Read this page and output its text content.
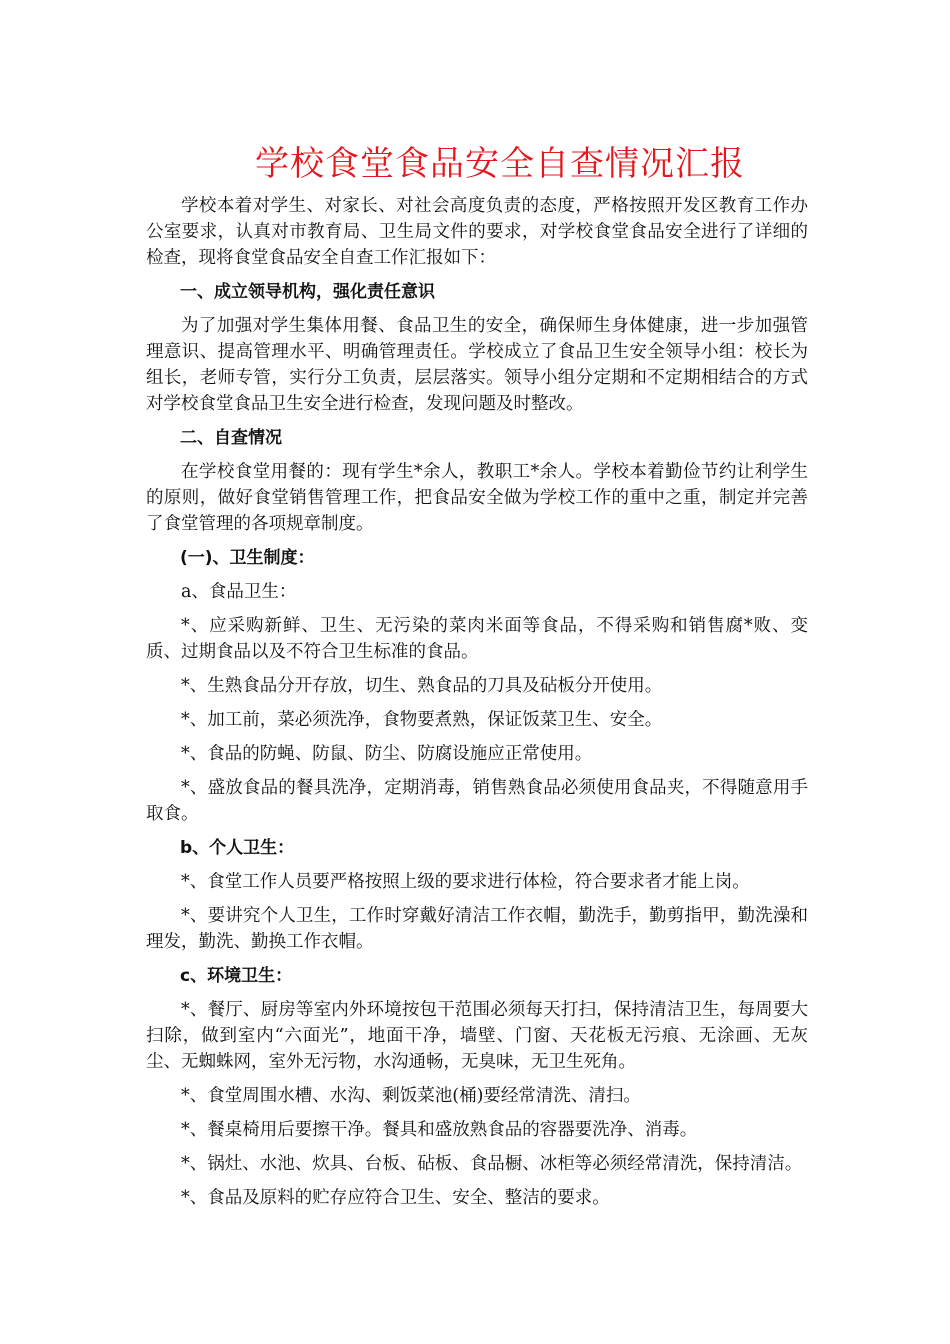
学校食堂食品安全自查情况汇报

学校本着对学生、对家长、对社会高度负责的态度，严格按照开发区教育工作办公室要求，认真对市教育局、卫生局文件的要求，对学校食堂食品安全进行了详细的检查，现将食堂食品安全自查工作汇报如下：

一、成立领导机构，强化责任意识

为了加强对学生集体用餐、食品卫生的安全，确保师生身体健康，进一步加强管理意识、提高管理水平、明确管理责任。学校成立了食品卫生安全领导小组：校长为组长，老师专管，实行分工负责，层层落实。领导小组分定期和不定期相结合的方式对学校食堂食品卫生安全进行检查，发现问题及时整改。

二、自查情况

在学校食堂用餐的：现有学生*余人，教职工*余人。学校本着勤俭节约让利学生的原则，做好食堂销售管理工作，把食品安全做为学校工作的重中之重，制定并完善了食堂管理的各项规章制度。

(一)、卫生制度：

a、食品卫生：

*、应采购新鲜、卫生、无污染的菜肉米面等食品，不得采购和销售腐*败、变质、过期食品以及不符合卫生标准的食品。

*、生熟食品分开存放，切生、熟食品的刀具及砧板分开使用。

*、加工前，菜必须洗净，食物要煮熟，保证饭菜卫生、安全。

*、食品的防蝇、防鼠、防尘、防腐设施应正常使用。

*、盛放食品的餐具洗净，定期消毒，销售熟食品必须使用食品夹，不得随意用手取食。

b、个人卫生：

*、食堂工作人员要严格按照上级的要求进行体检，符合要求者才能上岗。

*、要讲究个人卫生，工作时穿戴好清洁工作衣帽，勤洗手，勤剪指甲，勤洗澡和理发，勤洗、勤换工作衣帽。

c、环境卫生：

*、餐厅、厨房等室内外环境按包干范围必须每天打扫，保持清洁卫生，每周要大扫除，做到室内“六面光”，地面干净，墙壁、门窗、天花板无污痕、无涂画、无灰尘、无蜘蛛网，室外无污物，水沟通畅，无臭味，无卫生死角。

*、食堂周围水槽、水沟、剩饭菜池(桶)要经常清洗、清扫。

*、餐桌椅用后要擦干净。餐具和盛放熟食品的容器要洗净、消毒。

*、锅灶、水池、炊具、台板、砧板、食品橱、冰柜等必须经常清洗，保持清洁。

*、食品及原料的贮存应符合卫生、安全、整洁的要求。
